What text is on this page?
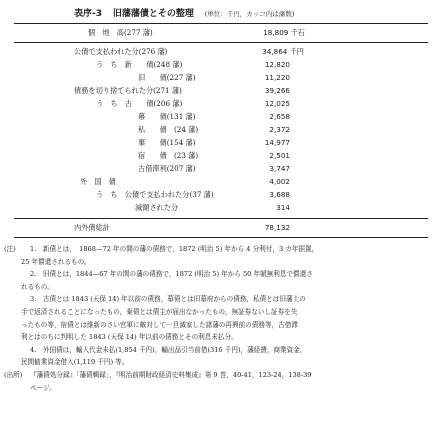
表序-3 旧藩藩債とその整理 (単位：千円，カッコ内は藩数)
個　地　高(277 藩)	18,809 千石
公債で支払われた分(276 藩)	34,864 千円
う　ち　新　　債(248 藩)	12,820
旧　　債(227 藩)	11,220
債務を切り捨てられた分(271 藩)	39,266
う　ち　古　　債(206 藩)	12,025
幕　　債(131 藩)	2,658
私　　債　(24 藩)	2,372
棄　　債(154 藩)	14,977
宿　　債　(23 藩)	2,501
古借滞利(207 藩)	3,747
外　国　債	4,002
う　ち　公債で支払われた分(37 藩)	3,688
減額された分	314
内外債総計	78,132
(注) 1.　新債とは，　1868—72 年の間の藩の債務で，1872 (明治 5) 年から 4 分利付，3 カ年据置，
25 年償還されるもの。
2.　旧債とは，1844—67 年の間の藩の債務で，1872 (明治 5) 年から 50 年賦無利息で償還さ
れるもの。
3.　古債とは 1843 (天保 14) 年以前の債務，幕債とは旧幕府からの債務，私債とは旧藩士の
手で返済されることになったもの，棄債とは債主が届出なかったもの，無証券ないし証券を失
ったもの等，宿債とは維新のさい官軍に敵対して一旦滅家した諸藩の再興前の債務等，古借滞
利とはのちに判明した 1843 (天保 14) 年以前の債務とその利息未払分。
4.　外国債は，輸入代金未払(1,854 千円)，輸出品引当前借(316 千円)，藩経費，商業資金，
民間勧業資金借入(1,119 千円) 等。
(出所) 『藩債処分録』「藩債輯録」，『明治前期財政経済史料集成』第 9 巻，40-41，123-24，138-39
ページ。
